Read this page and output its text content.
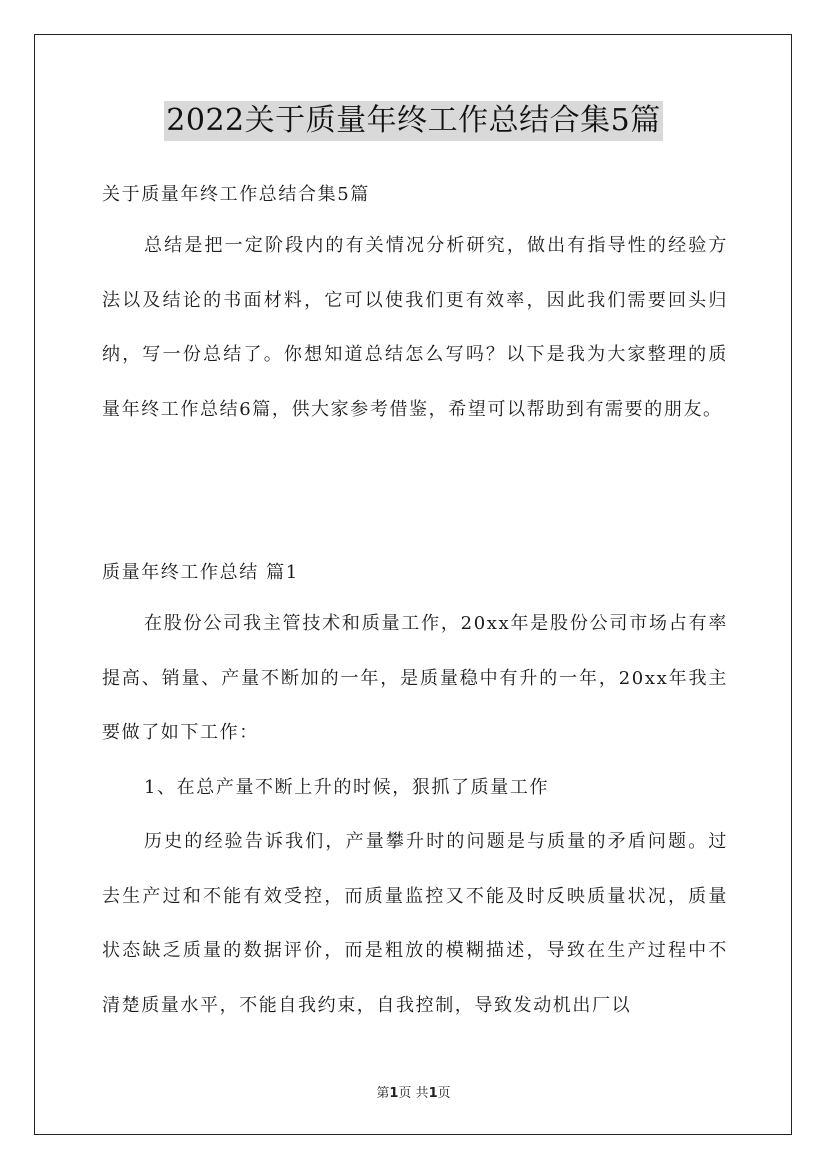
2022关于质量年终工作总结合集5篇
关于质量年终工作总结合集5篇

总结是把一定阶段内的有关情况分析研究，做出有指导性的经验方法以及结论的书面材料，它可以使我们更有效率，因此我们需要回头归纳，写一份总结了。你想知道总结怎么写吗？以下是我为大家整理的质量年终工作总结6篇，供大家参考借鉴，希望可以帮助到有需要的朋友。

质量年终工作总结 篇1

在股份公司我主管技术和质量工作，20xx年是股份公司市场占有率提高、销量、产量不断加的一年，是质量稳中有升的一年，20xx年我主要做了如下工作：

1、在总产量不断上升的时候，狠抓了质量工作

历史的经验告诉我们，产量攀升时的问题是与质量的矛盾问题。过去生产过和不能有效受控，而质量监控又不能及时反映质量状况，质量状态缺乏质量的数据评价，而是粗放的模糊描述，导致在生产过程中不清楚质量水平，不能自我约束，自我控制，导致发动机出厂以

第1页 共1页
